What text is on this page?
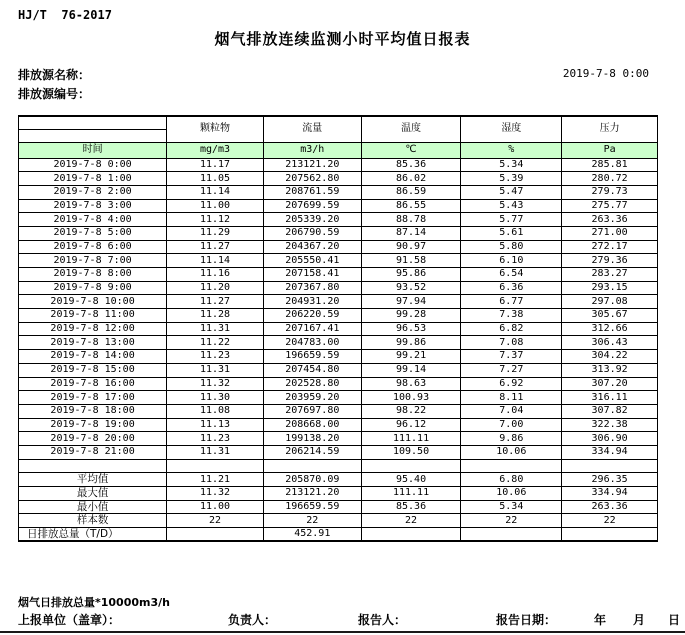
HJ/T  76-2017
烟气排放连续监测小时平均值日报表
排放源名称：
排放源编号：
2019-7-8 0:00
	颗粒物	流量	温度	湿度	压力

时间	mg/m3	m3/h	℃	%	Pa
2019-7-8 0:00	11.17	213121.20	85.36	5.34	285.81
2019-7-8 1:00	11.05	207562.80	86.02	5.39	280.72
2019-7-8 2:00	11.14	208761.59	86.59	5.47	279.73
2019-7-8 3:00	11.00	207699.59	86.55	5.43	275.77
2019-7-8 4:00	11.12	205339.20	88.78	5.77	263.36
2019-7-8 5:00	11.29	206790.59	87.14	5.61	271.00
2019-7-8 6:00	11.27	204367.20	90.97	5.80	272.17
2019-7-8 7:00	11.14	205550.41	91.58	6.10	279.36
2019-7-8 8:00	11.16	207158.41	95.86	6.54	283.27
2019-7-8 9:00	11.20	207367.80	93.52	6.36	293.15
2019-7-8 10:00	11.27	204931.20	97.94	6.77	297.08
2019-7-8 11:00	11.28	206220.59	99.28	7.38	305.67
2019-7-8 12:00	11.31	207167.41	96.53	6.82	312.66
2019-7-8 13:00	11.22	204783.00	99.86	7.08	306.43
2019-7-8 14:00	11.23	196659.59	99.21	7.37	304.22
2019-7-8 15:00	11.31	207454.80	99.14	7.27	313.92
2019-7-8 16:00	11.32	202528.80	98.63	6.92	307.20
2019-7-8 17:00	11.30	203959.20	100.93	8.11	316.11
2019-7-8 18:00	11.08	207697.80	98.22	7.04	307.82
2019-7-8 19:00	11.13	208668.00	96.12	7.00	322.38
2019-7-8 20:00	11.23	199138.20	111.11	9.86	306.90
2019-7-8 21:00	11.31	206214.59	109.50	10.06	334.94

平均值	11.21	205870.09	95.40	6.80	296.35
最大值	11.32	213121.20	111.11	10.06	334.94
最小值	11.00	196659.59	85.36	5.34	263.36
样本数	22	22	22	22	22
日排放总量（T/D）		452.91			
烟气日排放总量*10000m3/h
上报单位（盖章）：	负责人：	报告人：	报告日期：	年 月 日
